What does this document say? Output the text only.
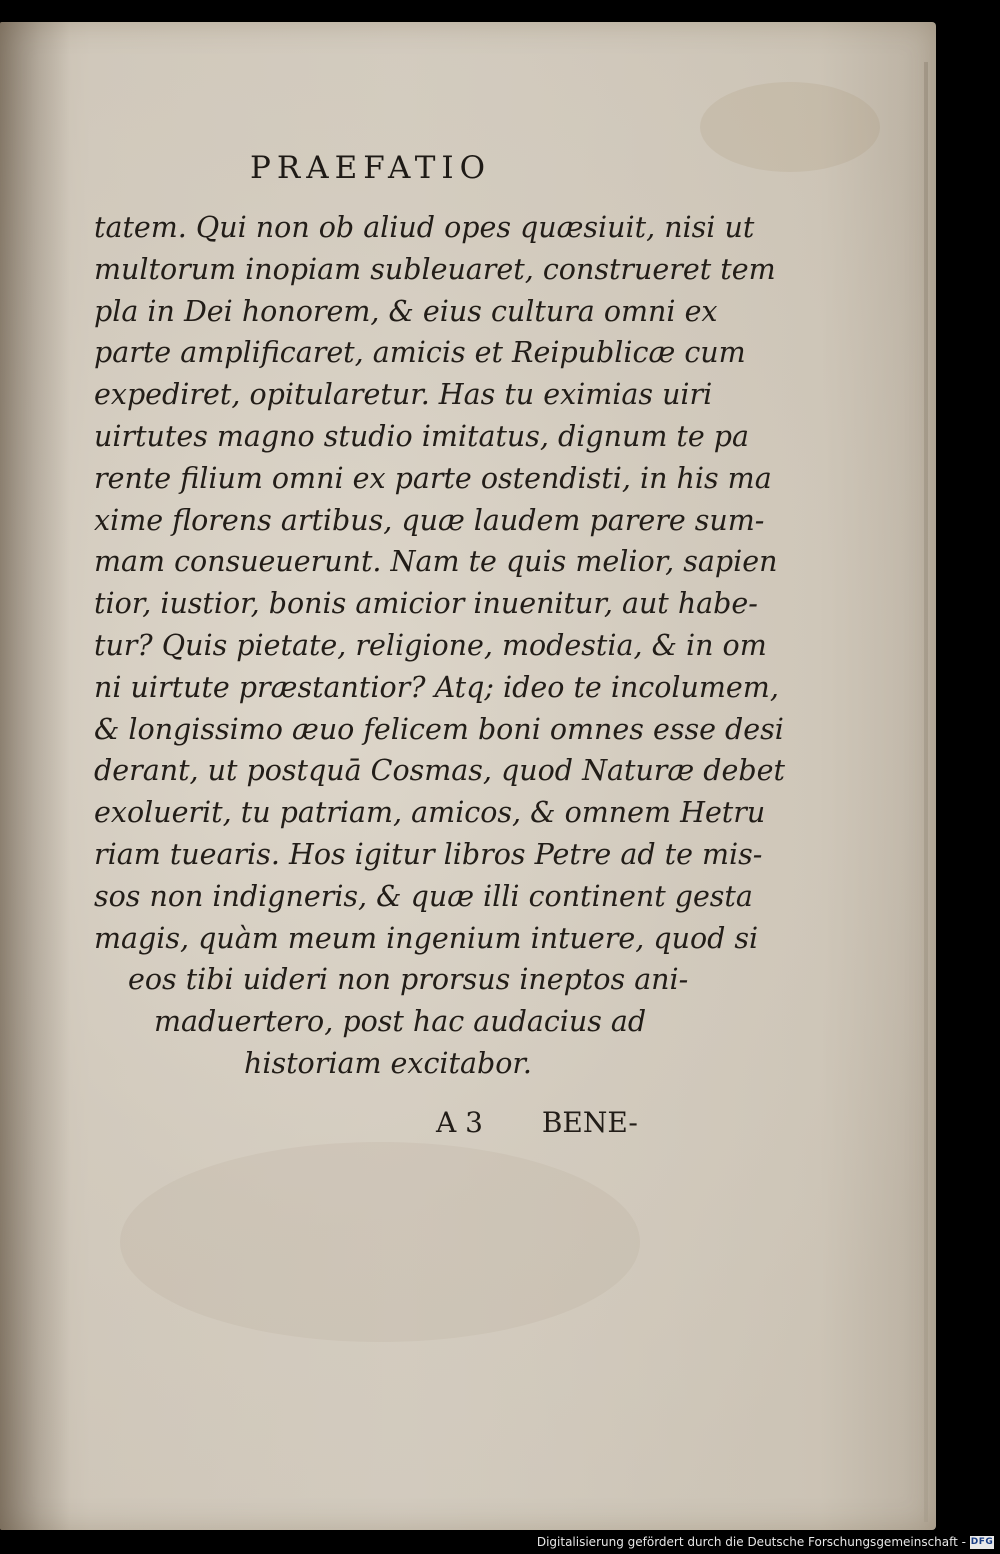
PRAEFATIO
tatem. Qui non ob aliud opes quæsiuit, nisi ut
multorum inopiam subleuaret, construeret tem
pla in Dei honorem, & eius cultura omni ex
parte amplificaret, amicis et Reipublicæ cum
expediret, opitularetur. Has tu eximias uiri
uirtutes magno studio imitatus, dignum te pa
rente filium omni ex parte ostendisti, in his ma
xime florens artibus, quæ laudem parere sum-
mam consueuerunt. Nam te quis melior, sapien
tior, iustior, bonis amicior inuenitur, aut habe-
tur? Quis pietate, religione, modestia, & in om
ni uirtute præstantior? Atq; ideo te incolumem,
& longissimo æuo felicem boni omnes esse desi
derant, ut postquā Cosmas, quod Naturæ debet
exoluerit, tu patriam, amicos, & omnem Hetru
riam tuearis. Hos igitur libros Petre ad te mis-
sos non indigneris, & quæ illi continent gesta
magis, quàm meum ingenium intuere, quod si
eos tibi uideri non prorsus ineptos ani-
maduertero, post hac audacius ad
historiam excitabor.
A 3 BENE-
Digitalisierung gefördert durch die Deutsche Forschungsgemeinschaft - DFG
